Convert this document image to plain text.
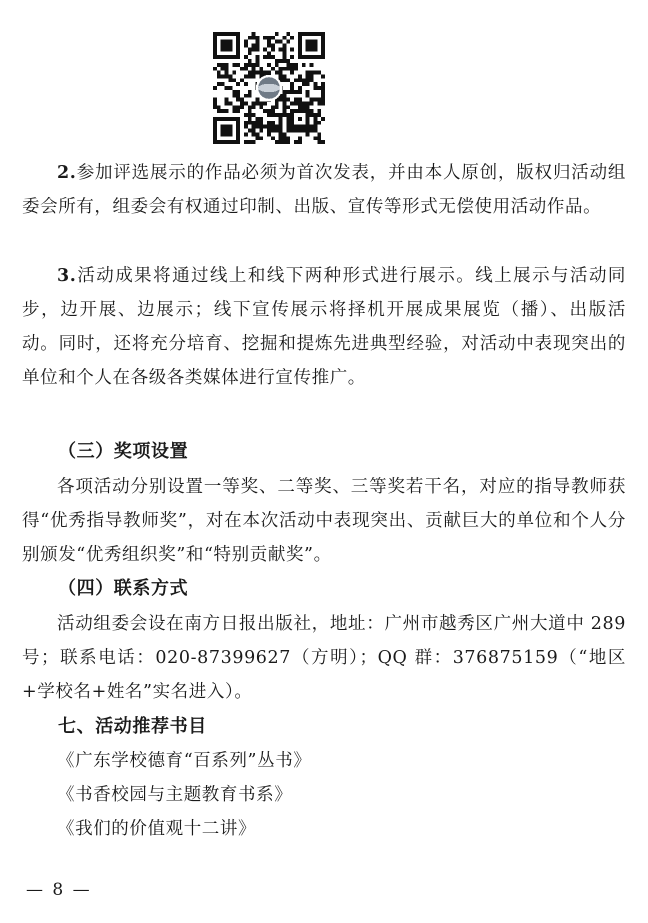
2.参加评选展示的作品必须为首次发表，并由本人原创，版权归活动组委会所有，组委会有权通过印制、出版、宣传等形式无偿使用活动作品。

3.活动成果将通过线上和线下两种形式进行展示。线上展示与活动同步，边开展、边展示；线下宣传展示将择机开展成果展览（播）、出版活动。同时，还将充分培育、挖掘和提炼先进典型经验，对活动中表现突出的单位和个人在各级各类媒体进行宣传推广。

（三）奖项设置

各项活动分别设置一等奖、二等奖、三等奖若干名，对应的指导教师获得“优秀指导教师奖”，对在本次活动中表现突出、贡献巨大的单位和个人分别颁发“优秀组织奖”和“特别贡献奖”。

（四）联系方式

活动组委会设在南方日报出版社，地址：广州市越秀区广州大道中 289 号；联系电话：020-87399627（方明）；QQ 群：376875159（“地区+学校名+姓名”实名进入）。

七、活动推荐书目

《广东学校德育“百系列”丛书》

《书香校园与主题教育书系》

《我们的价值观十二讲》

— 8 —
